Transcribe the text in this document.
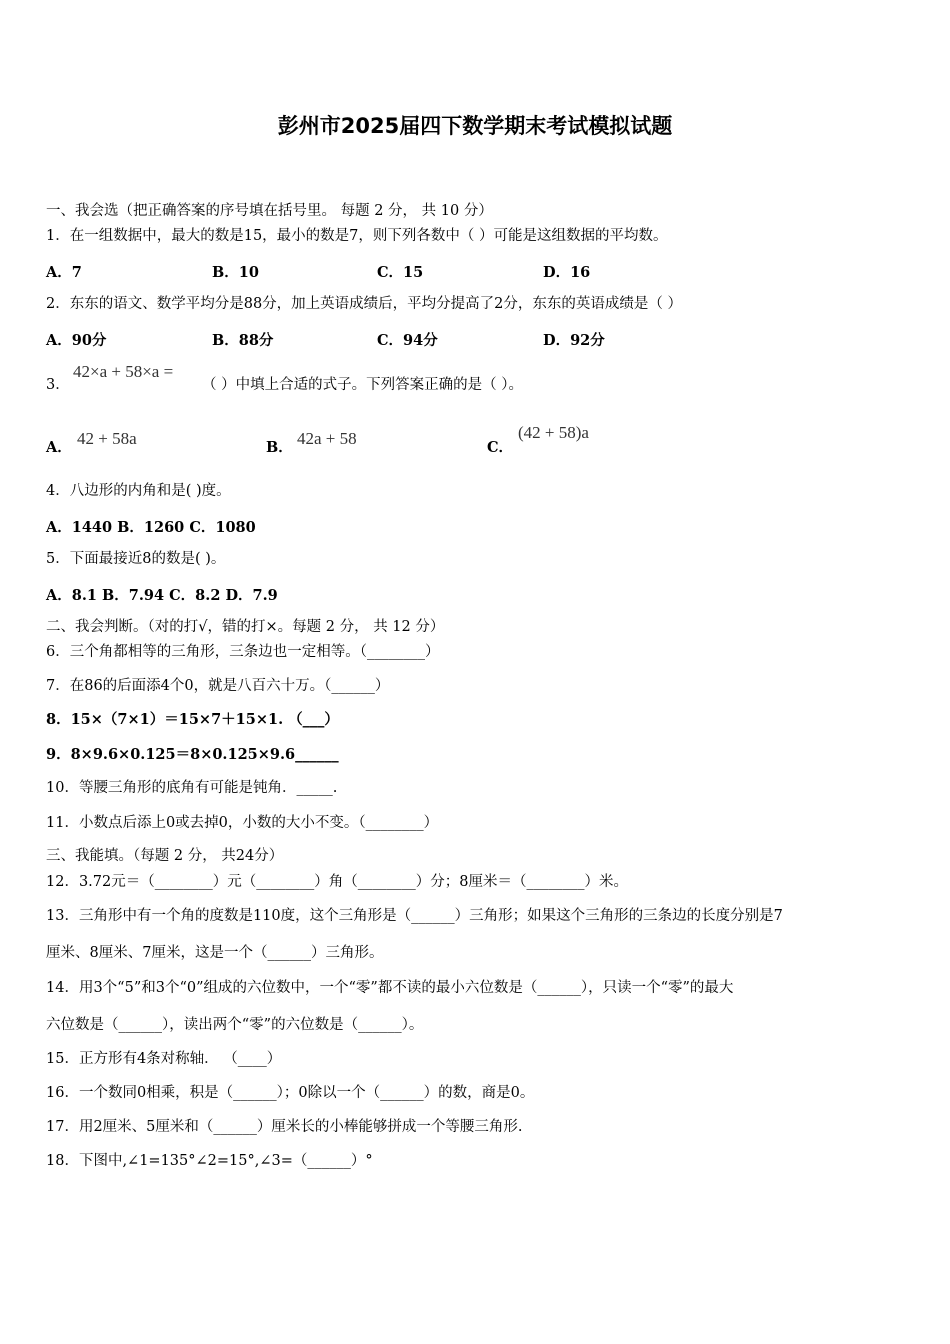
彭州市2025届四下数学期末考试模拟试题
一、我会选（把正确答案的序号填在括号里。 每题 2 分， 共 10 分）
1．在一组数据中，最大的数是15，最小的数是7，则下列各数中（ ）可能是这组数据的平均数。
A．7	B．10	C．15	D．16
2．东东的语文、数学平均分是88分，加上英语成绩后，平均分提高了2分，东东的英语成绩是（ ）
A．90分	B．88分	C．94分	D．92分
3．
42×a + 58×a =
（ ）中填上合适的式子。下列答案正确的是（ ）。
A． 42 + 58a	B． 42a + 58	C．
(42 + 58)a
4．八边形的内角和是( )度。
A．1440 B．1260 C．1080
5．下面最接近8的数是( )。
A．8.1 B．7.94 C．8.2 D．7.9
二、我会判断。（对的打√，错的打×。每题 2 分， 共 12 分）
6．三个角都相等的三角形，三条边也一定相等。（________）
7．在86的后面添4个0，就是八百六十万。（______）
8．15×（7×1）＝15×7＋15×1. （___）
9．8×9.6×0.125＝8×0.125×9.6______
10．等腰三角形的底角有可能是钝角．_____.
11．小数点后添上0或去掉0，小数的大小不变。（________）
三、我能填。（每题 2 分， 共24分）
12．3.72元＝（________）元（________）角（________）分；8厘米＝（________）米。
13．三角形中有一个角的度数是110度，这个三角形是（______）三角形；如果这个三角形的三条边的长度分别是7
厘米、8厘米、7厘米，这是一个（______）三角形。
14．用3个“5”和3个“0”组成的六位数中，一个“零”都不读的最小六位数是（______），只读一个“零”的最大
六位数是（______），读出两个“零”的六位数是（______）。
15．正方形有4条对称轴． （____）
16．一个数同0相乘，积是（______）；0除以一个（______）的数，商是0。
17．用2厘米、5厘米和（______）厘米长的小棒能够拼成一个等腰三角形.
18．下图中,∠1=135°∠2=15°,∠3=（______）°
